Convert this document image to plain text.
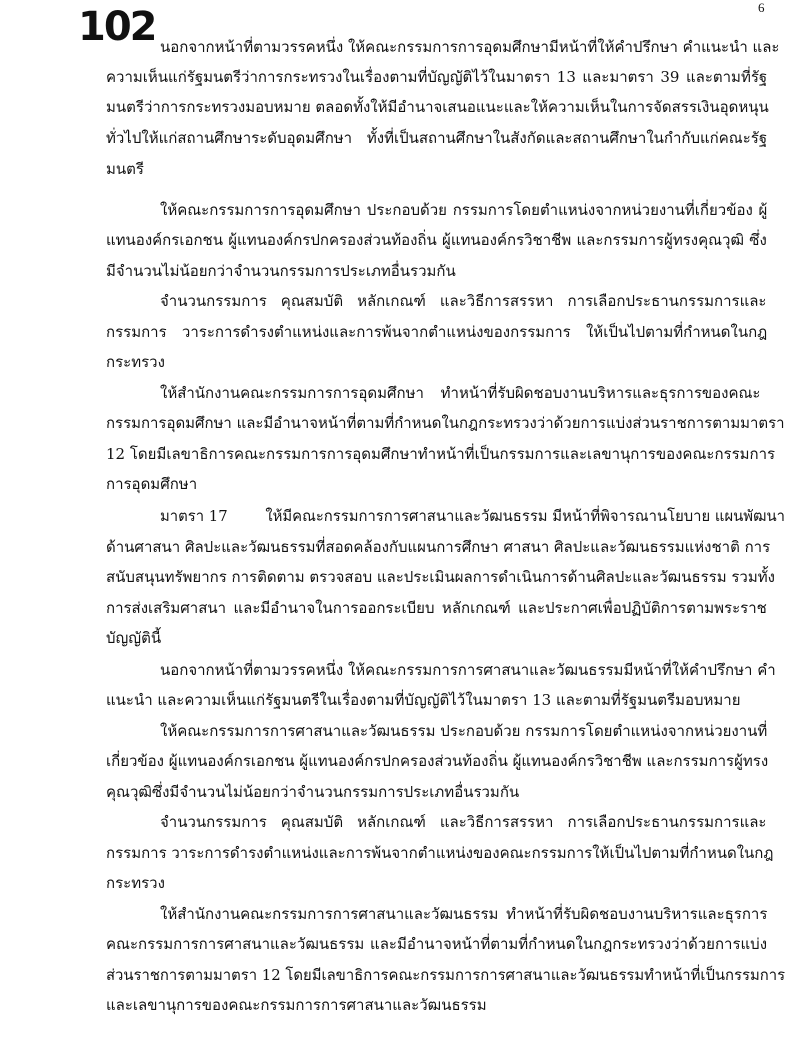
102	6
นอกจากหน้าที่ตามวรรคหนึ่ง ให้คณะกรรมการการอุดมศึกษามีหน้าที่ให้คำปรึกษา คำแนะนำ และ
ความเห็นแก่รัฐมนตรีว่าการกระทรวงในเรื่องตามที่บัญญัติไว้ในมาตรา 13 และมาตรา 39 และตามที่รัฐ
มนตรีว่าการกระทรวงมอบหมาย ตลอดทั้งให้มีอำนาจเสนอแนะและให้ความเห็นในการจัดสรรเงินอุดหนุน
ทั่วไปให้แก่สถานศึกษาระดับอุดมศึกษา ทั้งที่เป็นสถานศึกษาในสังกัดและสถานศึกษาในกำกับแก่คณะรัฐ
มนตรี
ให้คณะกรรมการการอุดมศึกษา ประกอบด้วย กรรมการโดยตำแหน่งจากหน่วยงานที่เกี่ยวข้อง ผู้
แทนองค์กรเอกชน ผู้แทนองค์กรปกครองส่วนท้องถิ่น ผู้แทนองค์กรวิชาชีพ และกรรมการผู้ทรงคุณวุฒิ ซึ่ง
มีจำนวนไม่น้อยกว่าจำนวนกรรมการประเภทอื่นรวมกัน
จำนวนกรรมการ คุณสมบัติ หลักเกณฑ์ และวิธีการสรรหา การเลือกประธานกรรมการและ
กรรมการ วาระการดำรงตำแหน่งและการพ้นจากตำแหน่งของกรรมการ ให้เป็นไปตามที่กำหนดในกฎ
กระทรวง
ให้สำนักงานคณะกรรมการการอุดมศึกษา ทำหน้าที่รับผิดชอบงานบริหารและธุรการของคณะ
กรรมการอุดมศึกษา และมีอำนาจหน้าที่ตามที่กำหนดในกฎกระทรวงว่าด้วยการแบ่งส่วนราชการตามมาตรา
12 โดยมีเลขาธิการคณะกรรมการการอุดมศึกษาทำหน้าที่เป็นกรรมการและเลขานุการของคณะกรรมการ
การอุดมศึกษา
มาตรา 17        ให้มีคณะกรรมการการศาสนาและวัฒนธรรม มีหน้าที่พิจารณานโยบาย แผนพัฒนา
ด้านศาสนา ศิลปะและวัฒนธรรมที่สอดคล้องกับแผนการศึกษา ศาสนา ศิลปะและวัฒนธรรมแห่งชาติ การ
สนับสนุนทรัพยากร การติดตาม ตรวจสอบ และประเมินผลการดำเนินการด้านศิลปะและวัฒนธรรม รวมทั้ง
การส่งเสริมศาสนา และมีอำนาจในการออกระเบียบ หลักเกณฑ์ และประกาศเพื่อปฏิบัติการตามพระราช
บัญญัตินี้
นอกจากหน้าที่ตามวรรคหนึ่ง ให้คณะกรรมการการศาสนาและวัฒนธรรมมีหน้าที่ให้คำปรึกษา คำ
แนะนำ และความเห็นแก่รัฐมนตรีในเรื่องตามที่บัญญัติไว้ในมาตรา 13 และตามที่รัฐมนตรีมอบหมาย
ให้คณะกรรมการการศาสนาและวัฒนธรรม ประกอบด้วย กรรมการโดยตำแหน่งจากหน่วยงานที่
เกี่ยวข้อง ผู้แทนองค์กรเอกชน ผู้แทนองค์กรปกครองส่วนท้องถิ่น ผู้แทนองค์กรวิชาชีพ และกรรมการผู้ทรง
คุณวุฒิซึ่งมีจำนวนไม่น้อยกว่าจำนวนกรรมการประเภทอื่นรวมกัน
จำนวนกรรมการ คุณสมบัติ หลักเกณฑ์ และวิธีการสรรหา การเลือกประธานกรรมการและ
กรรมการ วาระการดำรงตำแหน่งและการพ้นจากตำแหน่งของคณะกรรมการให้เป็นไปตามที่กำหนดในกฎ
กระทรวง
ให้สำนักงานคณะกรรมการการศาสนาและวัฒนธรรม ทำหน้าที่รับผิดชอบงานบริหารและธุรการ
คณะกรรมการการศาสนาและวัฒนธรรม และมีอำนาจหน้าที่ตามที่กำหนดในกฎกระทรวงว่าด้วยการแบ่ง
ส่วนราชการตามมาตรา 12 โดยมีเลขาธิการคณะกรรมการการศาสนาและวัฒนธรรมทำหน้าที่เป็นกรรมการ
และเลขานุการของคณะกรรมการการศาสนาและวัฒนธรรม
